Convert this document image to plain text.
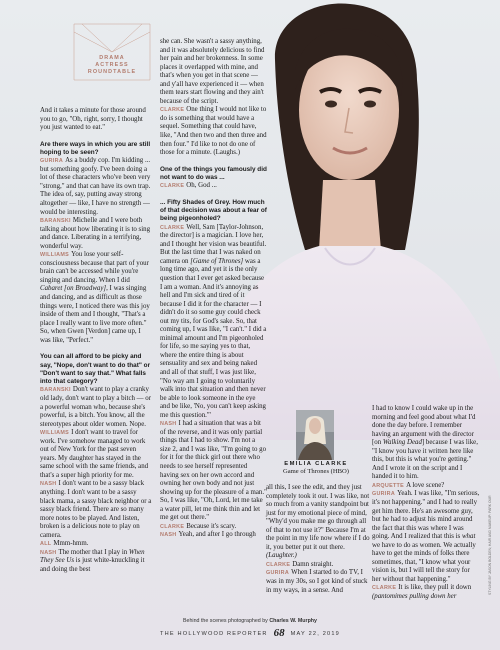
DRAMA
ACTRESS
ROUNDTABLE

And it takes a minute for those around you to go, "Oh, right, sorry, I thought you just wanted to eat."

Are there ways in which you are still hoping to be seen?

GURIRA As a buddy cop. I'm kidding ... but something goofy. I've been doing a lot of these characters who've been very "strong," and that can have its own trap. The idea of, say, putting away strong altogether — like, I have no strength — would be interesting.

BARANSKI Michelle and I were both talking about how liberating it is to sing and dance. Liberating in a terrifying, wonderful way.

WILLIAMS You lose your self-consciousness because that part of your brain can't be accessed while you're singing and dancing. When I did Cabaret [on Broadway], I was singing and dancing, and as difficult as those things were, I noticed there was this joy inside of them and I thought, "That's a place I really want to live more often." So, when Gwen [Verdon] came up, I was like, "Perfect."

You can all afford to be picky and say, "Nope, don't want to do that" or "Don't want to say that." What falls into that category?

BARANSKI Don't want to play a cranky old lady, don't want to play a bitch — or a powerful woman who, because she's powerful, is a bitch. You know, all the stereotypes about older women. Nope.

WILLIAMS I don't want to travel for work. I've somehow managed to work out of New York for the past seven years. My daughter has stayed in the same school with the same friends, and that's a super high priority for me.

NASH I don't want to be a sassy black anything. I don't want to be a sassy black mama, a sassy black neighbor or a sassy black friend. There are so many more notes to be played. And listen, broken is a delicious note to play on camera.

ALL Mmm-hmm.

NASH The mother that I play in When They See Us is just white-knuckling it and doing the best

she can. She wasn't a sassy anything, and it was absolutely delicious to find her pain and her brokenness. In some places it overlapped with mine, and that's when you get in that scene — and y'all have experienced it — when them tears start flowing and they ain't because of the script.

CLARKE One thing I would not like to do is something that would have a sequel. Something that could have, like, "And then two and then three and then four." I'd like to not do one of those for a minute. (Laughs.)

One of the things you famously did not want to do was ...

CLARKE Oh, God ...

... Fifty Shades of Grey. How much of that decision was about a fear of being pigeonholed?

CLARKE Well, Sam [Taylor-Johnson, the director] is a magician. I love her, and I thought her vision was beautiful. But the last time that I was naked on camera on [Game of Thrones] was a long time ago, and yet it is the only question that I ever get asked because I am a woman. And it's annoying as hell and I'm sick and tired of it because I did it for the character — I didn't do it so some guy could check out my tits, for God's sake. So, that coming up, I was like, "I can't." I did a minimal amount and I'm pigeonholed for life, so me saying yes to that, where the entire thing is about sensuality and sex and being naked and all of that stuff, I was just like, "No way am I going to voluntarily walk into that situation and then never be able to look someone in the eye and be like, 'No, you can't keep asking me this question.'"

NASH I had a situation that was a bit of the reverse, and it was only partial things that I had to show. I'm not a size 2, and I was like, "I'm going to go for it for the thick girl out there who needs to see herself represented having sex on her own accord and owning her own body and not just showing up for the pleasure of a man." So, I was like, "Oh, Lord, let me take a water pill, let me think thin and let me get out there."

CLARKE Because it's scary.

NASH Yeah, and after I go through

EMILIA CLARKE
Game of Thrones (HBO)

all this, I see the edit, and they just completely took it out. I was like, not so much from a vanity standpoint but just for my emotional piece of mind, "Why'd you make me go through all of that to not use it?" Because I'm at the point in my life now where if I do it, you better put it out there. (Laughter.)

CLARKE Damn straight.

GURIRA When I started to do TV, I was in my 30s, so I got kind of stuck in my ways, in a sense. And

I had to know I could wake up in the morning and feel good about what I'd done the day before. I remember having an argument with the director [on Walking Dead] because I was like, "I know you have it written here like this, but this is what you're getting." And I wrote it on the script and I handed it to him.

ARQUETTE A love scene?

GURIRA Yeah. I was like, "I'm serious, it's not happening." and I had to really get him there. He's an awesome guy, but he had to adjust his mind around the fact that this was where I was going. And I realized that this is what we have to do as women. We actually have to get the minds of folks there sometimes, that, "I know what your vision is, but I will tell the story for her without that happening."

CLARKE It is like, they pull it down (pantomimes pulling down her

Behind the scenes photographed by Charles W. Murphy
THE HOLLYWOOD REPORTER 68 MAY 22, 2019
STYLING BY JASON BOLDEN; HAIR AND MAKEUP: PARK OUR
